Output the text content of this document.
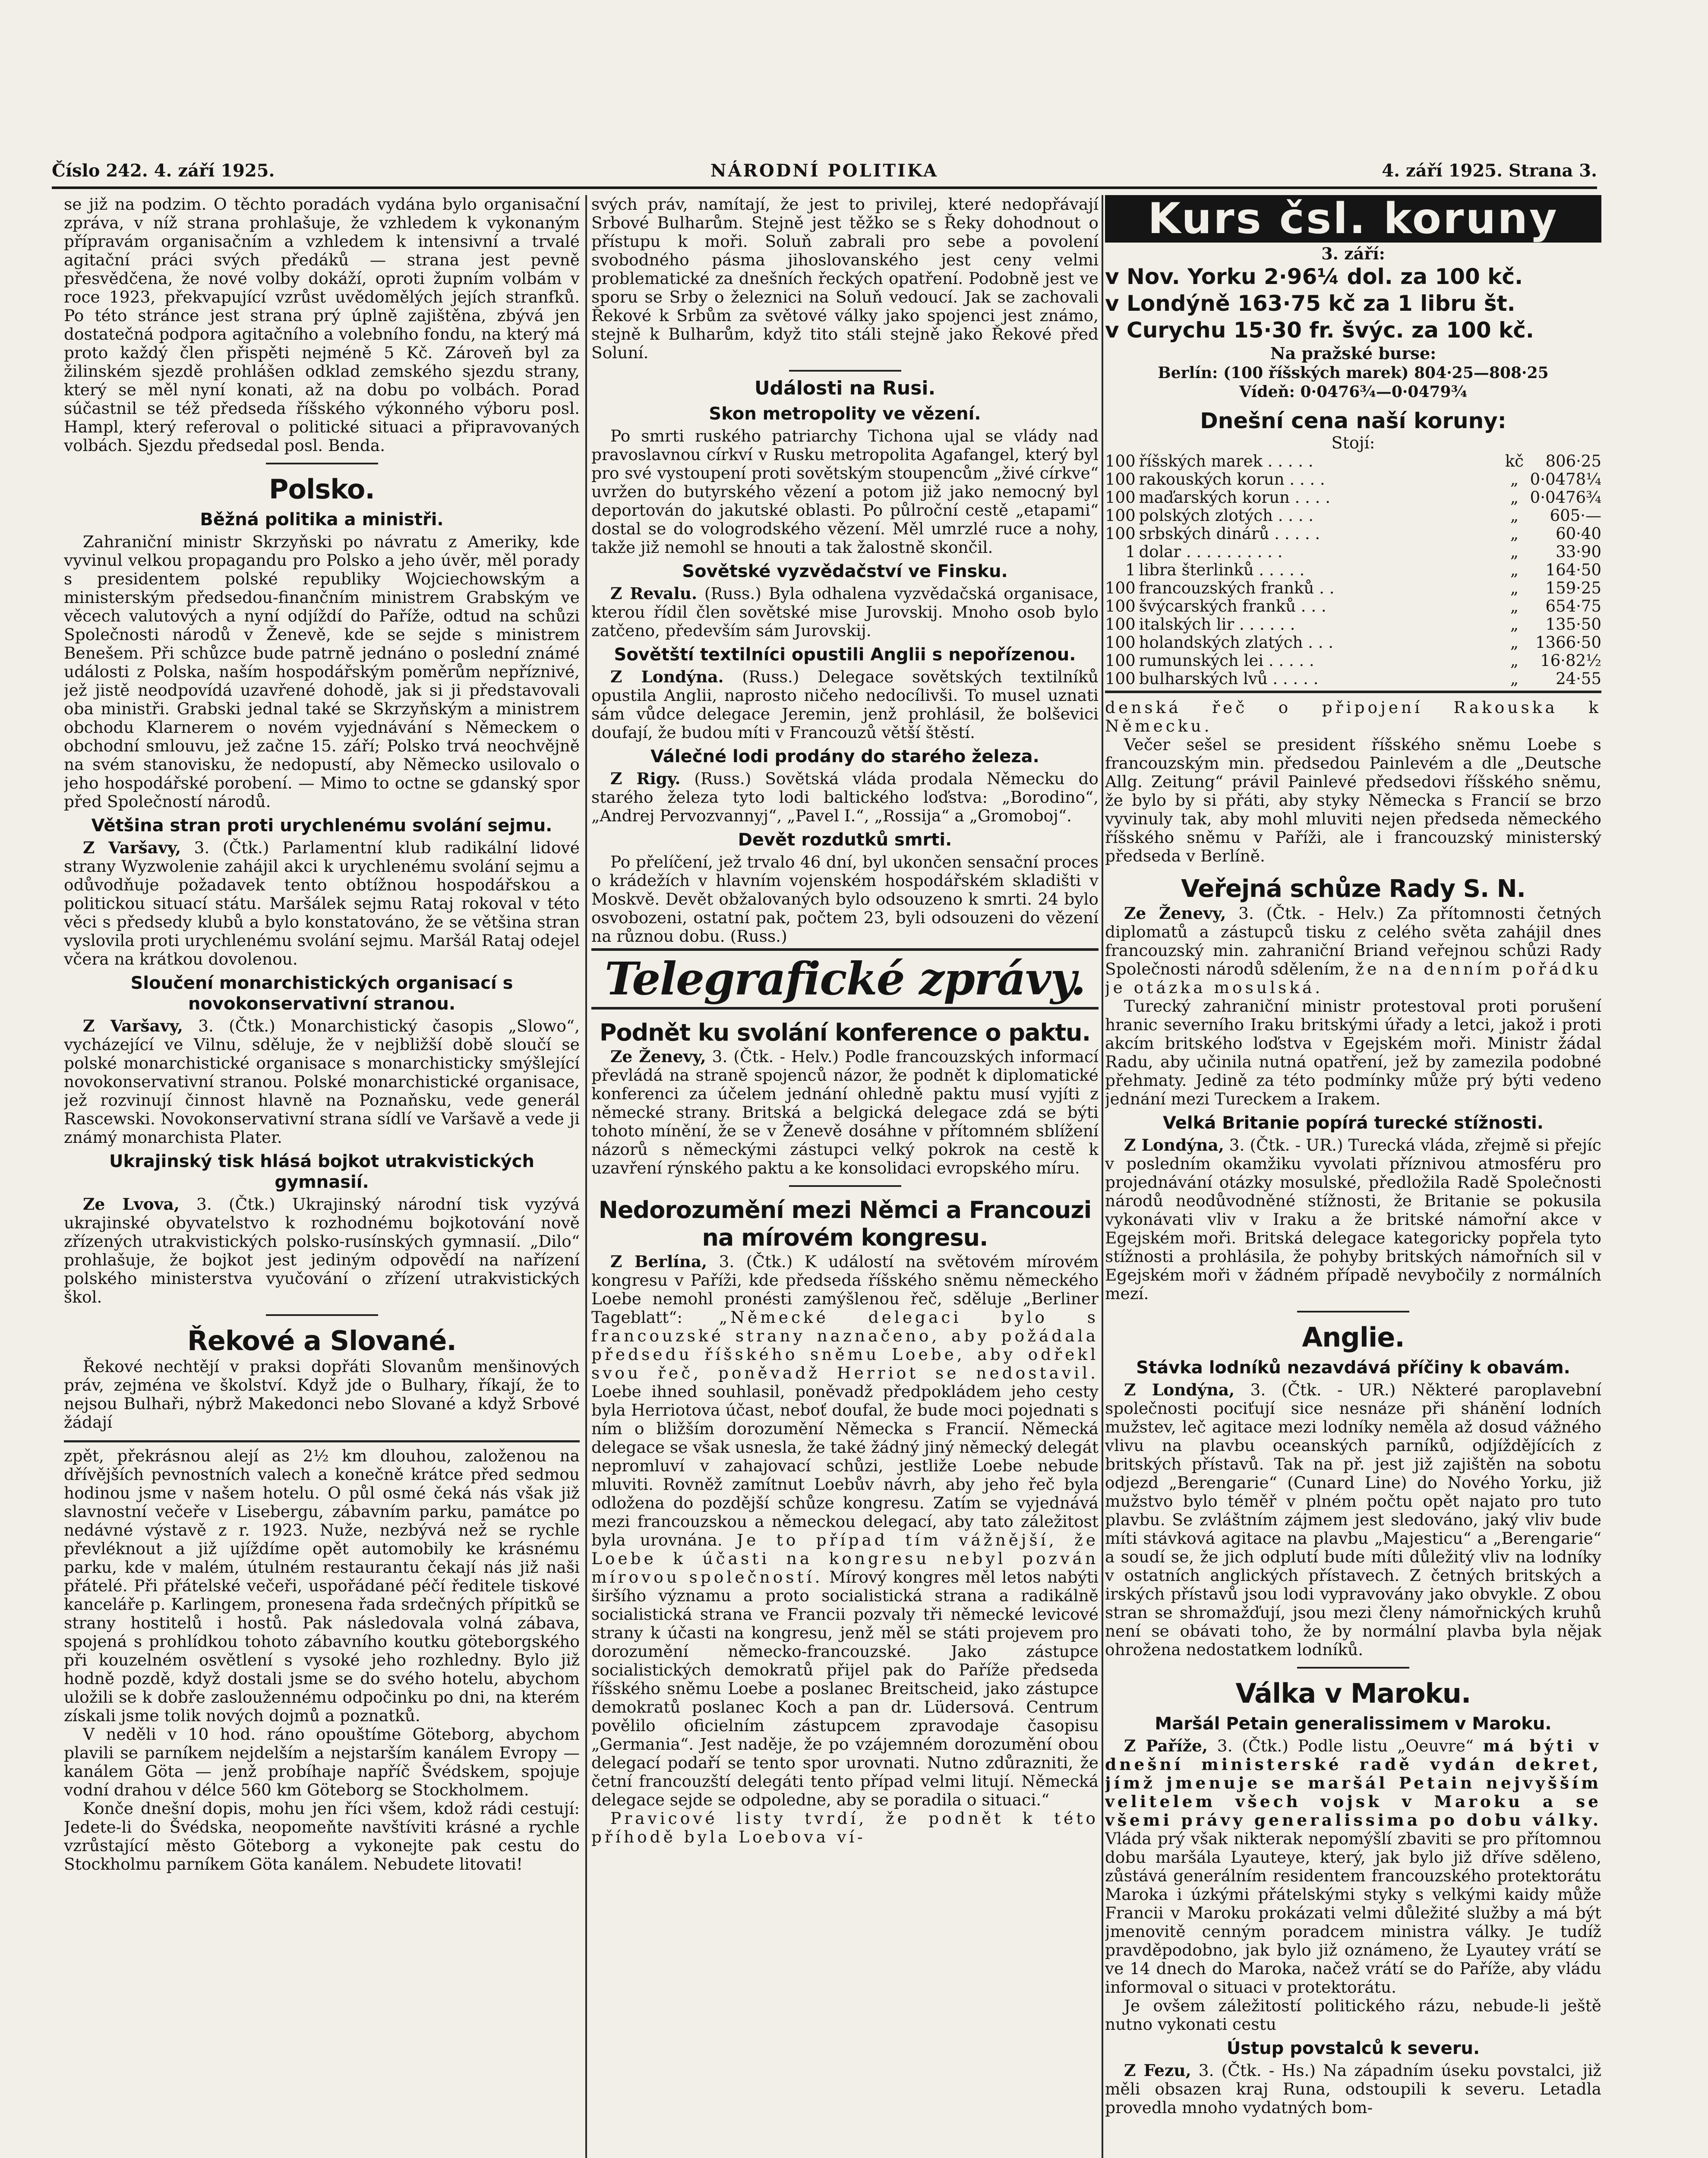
Číslo 242. 4. září 1925.	NÁRODNÍ POLITIKA	4. září 1925. Strana 3.

se již na podzim. O těchto poradách vydána bylo organisační zpráva, v níž strana prohlašuje, že vzhledem k vykonaným přípravám organisačním a vzhledem k intensivní a trvalé agitační práci svých předáků — strana jest pevně přesvědčena, že nové volby dokáží, oproti župním volbám v roce 1923, překvapující vzrůst uvědomělých jejích stranfků. Po této stránce jest strana prý úplně zajištěna, zbývá jen dostatečná podpora agitačního a volebního fondu, na který má proto každý člen přispěti nejméně 5 Kč. Zároveň byl za žilinském sjezdě prohlášen odklad zemského sjezdu strany, který se měl nyní konati, až na dobu po volbách. Porad súčastnil se též předseda říšského výkonného výboru posl. Hampl, který referoval o politické situaci a připravovaných volbách. Sjezdu předsedal posl. Benda.

Polsko.
Běžná politika a ministři.

Zahraniční ministr Skrzyňski po návratu z Ameriky, kde vyvinul velkou propagandu pro Polsko a jeho úvěr, měl porady s presidentem polské republiky Wojciechowským a ministerským předsedou-finančním ministrem Grabským ve věcech valutových a nyní odjíždí do Paříže, odtud na schůzi Společnosti národů v Ženevě, kde se sejde s ministrem Benešem. Při schůzce bude patrně jednáno o poslední známé události z Polska, naším hospodářským poměrům nepříznivé, jež jistě neodpovídá uzavřené dohodě, jak si ji představovali oba ministři. Grabski jednal také se Skrzyňským a ministrem obchodu Klarnerem o novém vyjednávání s Německem o obchodní smlouvu, jež začne 15. září; Polsko trvá neochvějně na svém stanovisku, že nedopustí, aby Německo usilovalo o jeho hospodářské porobení. — Mimo to octne se gdanský spor před Společností národů.

Většina stran proti urychlenému svolání sejmu.

Z Varšavy, 3. (Čtk.) Parlamentní klub radikální lidové strany Wyzwolenie zahájil akci k urychlenému svolání sejmu a odůvodňuje požadavek tento obtížnou hospodářskou a politickou situací státu. Maršálek sejmu Rataj rokoval v této věci s předsedy klubů a bylo konstatováno, že se většina stran vyslovila proti urychlenému svolání sejmu. Maršál Rataj odejel včera na krátkou dovolenou.

Sloučení monarchistických organisací s novokonservativní stranou.

Z Varšavy, 3. (Čtk.) Monarchistický časopis „Slowo“, vycházející ve Vilnu, sděluje, že v nejbližší době sloučí se polské monarchistické organisace s monarchisticky smýšlející novokonservativní stranou. Polské monarchistické organisace, jež rozvinují činnost hlavně na Poznaňsku, vede generál Rascewski. Novokonservativní strana sídlí ve Varšavě a vede ji známý monarchista Plater.

Ukrajinský tisk hlásá bojkot utrakvistických gymnasií.

Ze Lvova, 3. (Čtk.) Ukrajinský národní tisk vyzývá ukrajinské obyvatelstvo k rozhodnému bojkotování nově zřízených utrakvistických polsko-rusínských gymnasií. „Dilo“ prohlašuje, že bojkot jest jediným odpovědí na nařízení polského ministerstva vyučování o zřízení utrakvistických škol.

Řekové a Slované.

Řekové nechtějí v praksi dopřáti Slovanům menšinových práv, zejména ve školství. Když jde o Bulhary, říkají, že to nejsou Bulhaři, nýbrž Makedonci nebo Slované a když Srbové žádají

zpět, překrásnou alejí as 2½ km dlouhou, založenou na dřívějších pevnostních valech a konečně krátce před sedmou hodinou jsme v našem hotelu. O půl osmé čeká nás však již slavnostní večeře v Lisebergu, zábavním parku, památce po nedávné výstavě z r. 1923. Nuže, nezbývá než se rychle převléknout a již ujíždíme opět automobily ke krásnému parku, kde v malém, útulném restaurantu čekají nás již naši přátelé. Při přátelské večeři, uspořádané péčí ředitele tiskové kanceláře p. Karlingem, pronesena řada srdečných přípitků se strany hostitelů i hostů. Pak následovala volná zábava, spojená s prohlídkou tohoto zábavního koutku göteborgského při kouzelném osvětlení s vysoké jeho rozhledny. Bylo již hodně pozdě, když dostali jsme se do svého hotelu, abychom uložili se k dobře zasloužennému odpočinku po dni, na kterém získali jsme tolik nových dojmů a poznatků.

V neděli v 10 hod. ráno opouštíme Göteborg, abychom plavili se parníkem nejdelším a nejstarším kanálem Evropy — kanálem Göta — jenž probíhaje napříč Švédskem, spojuje vodní drahou v délce 560 km Göteborg se Stockholmem.

Konče dnešní dopis, mohu jen říci všem, kdož rádi cestují: Jedete-li do Švédska, neopomeňte navštíviti krásné a rychle vzrůstající město Göteborg a vykonejte pak cestu do Stockholmu parníkem Göta kanálem. Nebudete litovati!

svých práv, namítají, že jest to privilej, které nedopřávají Srbové Bulharům. Stejně jest těžko se s Řeky dohodnout o přístupu k moři. Soluň zabrali pro sebe a povolení svobodného pásma jihoslovanského jest ceny velmi problematické za dnešních řeckých opatření. Podobně jest ve sporu se Srby o železnici na Soluň vedoucí. Jak se zachovali Řekové k Srbům za světové války jako spojenci jest známo, stejně k Bulharům, když tito stáli stejně jako Řekové před Soluní.

Události na Rusi.
Skon metropolity ve vězení.

Po smrti ruského patriarchy Tichona ujal se vlády nad pravoslavnou církví v Rusku metropolita Agafangel, který byl pro své vystoupení proti sovětským stoupencům „živé církve“ uvržen do butyrského vězení a potom již jako nemocný byl deportován do jakutské oblasti. Po půlroční cestě „etapami“ dostal se do vologrodského vězení. Měl umrzlé ruce a nohy, takže již nemohl se hnouti a tak žalostně skončil.

Sovětské vyzvědačství ve Finsku.

Z Revalu. (Russ.) Byla odhalena vyzvědačská organisace, kterou řídil člen sovětské mise Jurovskij. Mnoho osob bylo zatčeno, především sám Jurovskij.

Sovětští textilníci opustili Anglii s nepořízenou.

Z Londýna. (Russ.) Delegace sovětských textilníků opustila Anglii, naprosto ničeho nedocílivši. To musel uznati sám vůdce delegace Jeremin, jenž prohlásil, že bolševici doufají, že budou míti v Francouzů větší štěstí.

Válečné lodi prodány do starého železa.

Z Rigy. (Russ.) Sovětská vláda prodala Německu do starého železa tyto lodi baltického loďstva: „Borodino“, „Andrej Pervozvannyj“, „Pavel I.“, „Rossija“ a „Gromoboj“.

Devět rozdutků smrti.

Po přelíčení, jež trvalo 46 dní, byl ukončen sensační proces o krádežích v hlavním vojenském hospodářském skladišti v Moskvě. Devět obžalovaných bylo odsouzeno k smrti. 24 bylo osvobozeni, ostatní pak, počtem 23, byli odsouzeni do vězení na různou dobu. (Russ.)

Telegrafické zprávy.
Podnět ku svolání konference o paktu.

Ze Ženevy, 3. (Čtk. - Helv.) Podle francouzských informací převládá na straně spojenců názor, že podnět k diplomatické konferenci za účelem jednání ohledně paktu musí vyjíti z německé strany. Britská a belgická delegace zdá se býti tohoto mínění, že se v Ženevě dosáhne v přítomném sblížení názorů s německými zástupci velký pokrok na cestě k uzavření rýnského paktu a ke konsolidaci evropského míru.

Nedorozumění mezi Němci a Francouzi na mírovém kongresu.

Z Berlína, 3. (Čtk.) K událostí na světovém mírovém kongresu v Paříži, kde předseda říšského sněmu německého Loebe nemohl pronésti zamýšlenou řeč, sděluje „Berliner Tageblatt“: „Německé delegaci bylo s francouzské strany naznačeno, aby požádala předsedu říšského sněmu Loebe, aby odřekl svou řeč, poněvadž Herriot se nedostavil. Loebe ihned souhlasil, poněvadž předpokládem jeho cesty byla Herriotova účast, neboť doufal, že bude moci pojednati s ním o bližším dorozumění Německa s Francií. Německá delegace se však usnesla, že také žádný jiný německý delegát nepromluví v zahajovací schůzi, jestliže Loebe nebude mluviti. Rovněž zamítnut Loebův návrh, aby jeho řeč byla odložena do pozdější schůze kongresu. Zatím se vyjednává mezi francouzskou a německou delegací, aby tato záležitost byla urovnána. Je to případ tím vážnější, že Loebe k účasti na kongresu nebyl pozván mírovou společností. Mírový kongres měl letos nabýti širšího významu a proto socialistická strana a radikálně socialistická strana ve Francii pozvaly tři německé levicové strany k účasti na kongresu, jenž měl se státi projevem pro dorozumění německo-francouzské. Jako zástupce socialistických demokratů přijel pak do Paříže předseda říšského sněmu Loebe a poslanec Breitscheid, jako zástupce demokratů poslanec Koch a pan dr. Lüdersová. Centrum povělilo oficielním zástupcem zpravodaje časopisu „Germania“. Jest naděje, že po vzájemném dorozumění obou delegací podaří se tento spor urovnati. Nutno zdůrazniti, že četní francouzští delegáti tento případ velmi litují. Německá delegace sejde se odpoledne, aby se poradila o situaci.“

Pravicové listy tvrdí, že podnět k této příhodě byla Loebova ví-

Kurs čsl. koruny
3. září:
v Nov. Yorku 2·96¼ dol. za 100 kč.
v Londýně 163·75 kč za 1 libru št.
v Curychu 15·30 fr. švýc. za 100 kč.
Na pražské burse:
Berlín: (100 říšských marek) 804·25—808·25
Vídeň: 0·0476¾—0·0479¾
Dnešní cena naší koruny:
Stojí:
100	říšských marek . . . . .	kč	806·25
100	rakouských korun . . . .	„	0·0478¼
100	maďarských korun . . . .	„	0·0476¾
100	polských zlotých . . . .	„	605·—
100	srbských dinárů . . . . .	„	60·40
1	dolar . . . . . . . . . .	„	33·90
1	libra šterlinků . . . . .	„	164·50
100	francouzských franků . .	„	159·25
100	švýcarských franků . . .	„	654·75
100	italských lir . . . . . .	„	135·50
100	holandských zlatých . . .	„	1366·50
100	rumunských lei . . . . .	„	16·82½
100	bulharských lvů . . . . .	„	24·55

denská řeč o připojení Rakouska k Německu.

Večer sešel se president říšského sněmu Loebe s francouzským min. předsedou Painlevém a dle „Deutsche Allg. Zeitung“ právil Painlevé předsedovi říšského sněmu, že bylo by si přáti, aby styky Německa s Francií se brzo vyvinuly tak, aby mohl mluviti nejen předseda německého říšského sněmu v Paříži, ale i francouzský ministerský předseda v Berlíně.

Veřejná schůze Rady S. N.

Ze Ženevy, 3. (Čtk. - Helv.) Za přítomnosti četných diplomatů a zástupců tisku z celého světa zahájil dnes francouzský min. zahraniční Briand veřejnou schůzi Rady Společnosti národů sdělením, že na denním pořádku je otázka mosulská.

Turecký zahraniční ministr protestoval proti porušení hranic severního Iraku britskými úřady a letci, jakož i proti akcím britského loďstva v Egejském moři. Ministr žádal Radu, aby učinila nutná opatření, jež by zamezila podobné přehmaty. Jedině za této podmínky může prý býti vedeno jednání mezi Tureckem a Irakem.

Velká Britanie popírá turecké stížnosti.

Z Londýna, 3. (Čtk. - UR.) Turecká vláda, zřejmě si přejíc v posledním okamžiku vyvolati příznivou atmosféru pro projednávání otázky mosulské, předložila Radě Společnosti národů neodůvodněné stížnosti, že Britanie se pokusila vykonávati vliv v Iraku a že britské námořní akce v Egejském moři. Britská delegace kategoricky popřela tyto stížnosti a prohlásila, že pohyby britských námořních sil v Egejském moři v žádném případě nevybočily z normálních mezí.

Anglie.
Stávka lodníků nezavdává příčiny k obavám.

Z Londýna, 3. (Čtk. - UR.) Některé paroplavební společnosti pociťují sice nesnáze při shánění lodních mužstev, leč agitace mezi lodníky neměla až dosud vážného vlivu na plavbu oceanských parníků, odjíždějících z britských přístavů. Tak na př. jest již zajištěn na sobotu odjezd „Berengarie“ (Cunard Line) do Nového Yorku, již mužstvo bylo téměř v plném počtu opět najato pro tuto plavbu. Se zvláštním zájmem jest sledováno, jaký vliv bude míti stávková agitace na plavbu „Majesticu“ a „Berengarie“ a soudí se, že jich odplutí bude míti důležitý vliv na lodníky v ostatních anglických přístavech. Z četných britských a irských přístavů jsou lodi vypravovány jako obvykle. Z obou stran se shromažďují, jsou mezi členy námořnických kruhů není se obávati toho, že by normální plavba byla nějak ohrožena nedostatkem lodníků.

Válka v Maroku.
Maršál Petain generalissimem v Maroku.

Z Paříže, 3. (Čtk.) Podle listu „Oeuvre“ má býti v dnešní ministerské radě vydán dekret, jímž jmenuje se maršál Petain nejvyšším velitelem všech vojsk v Maroku a se všemi právy generalissima po dobu války. Vláda prý však nikterak nepomýšlí zbaviti se pro přítomnou dobu maršála Lyauteye, který, jak bylo již dříve sděleno, zůstává generálním residentem francouzského protektorátu Maroka i úzkými přátelskými styky s velkými kaidy může Francii v Maroku prokázati velmi důležité služby a má být jmenovitě cenným poradcem ministra války. Je tudíž pravděpodobno, jak bylo již oznámeno, že Lyautey vrátí se ve 14 dnech do Maroka, načež vrátí se do Paříže, aby vládu informoval o situaci v protektorátu.

Je ovšem záležitostí politického rázu, nebude-li ještě nutno vykonati cestu

Ústup povstalců k severu.

Z Fezu, 3. (Čtk. - Hs.) Na západním úseku povstalci, již měli obsazen kraj Runa, odstoupili k severu. Letadla provedla mnoho vydatných bom-
